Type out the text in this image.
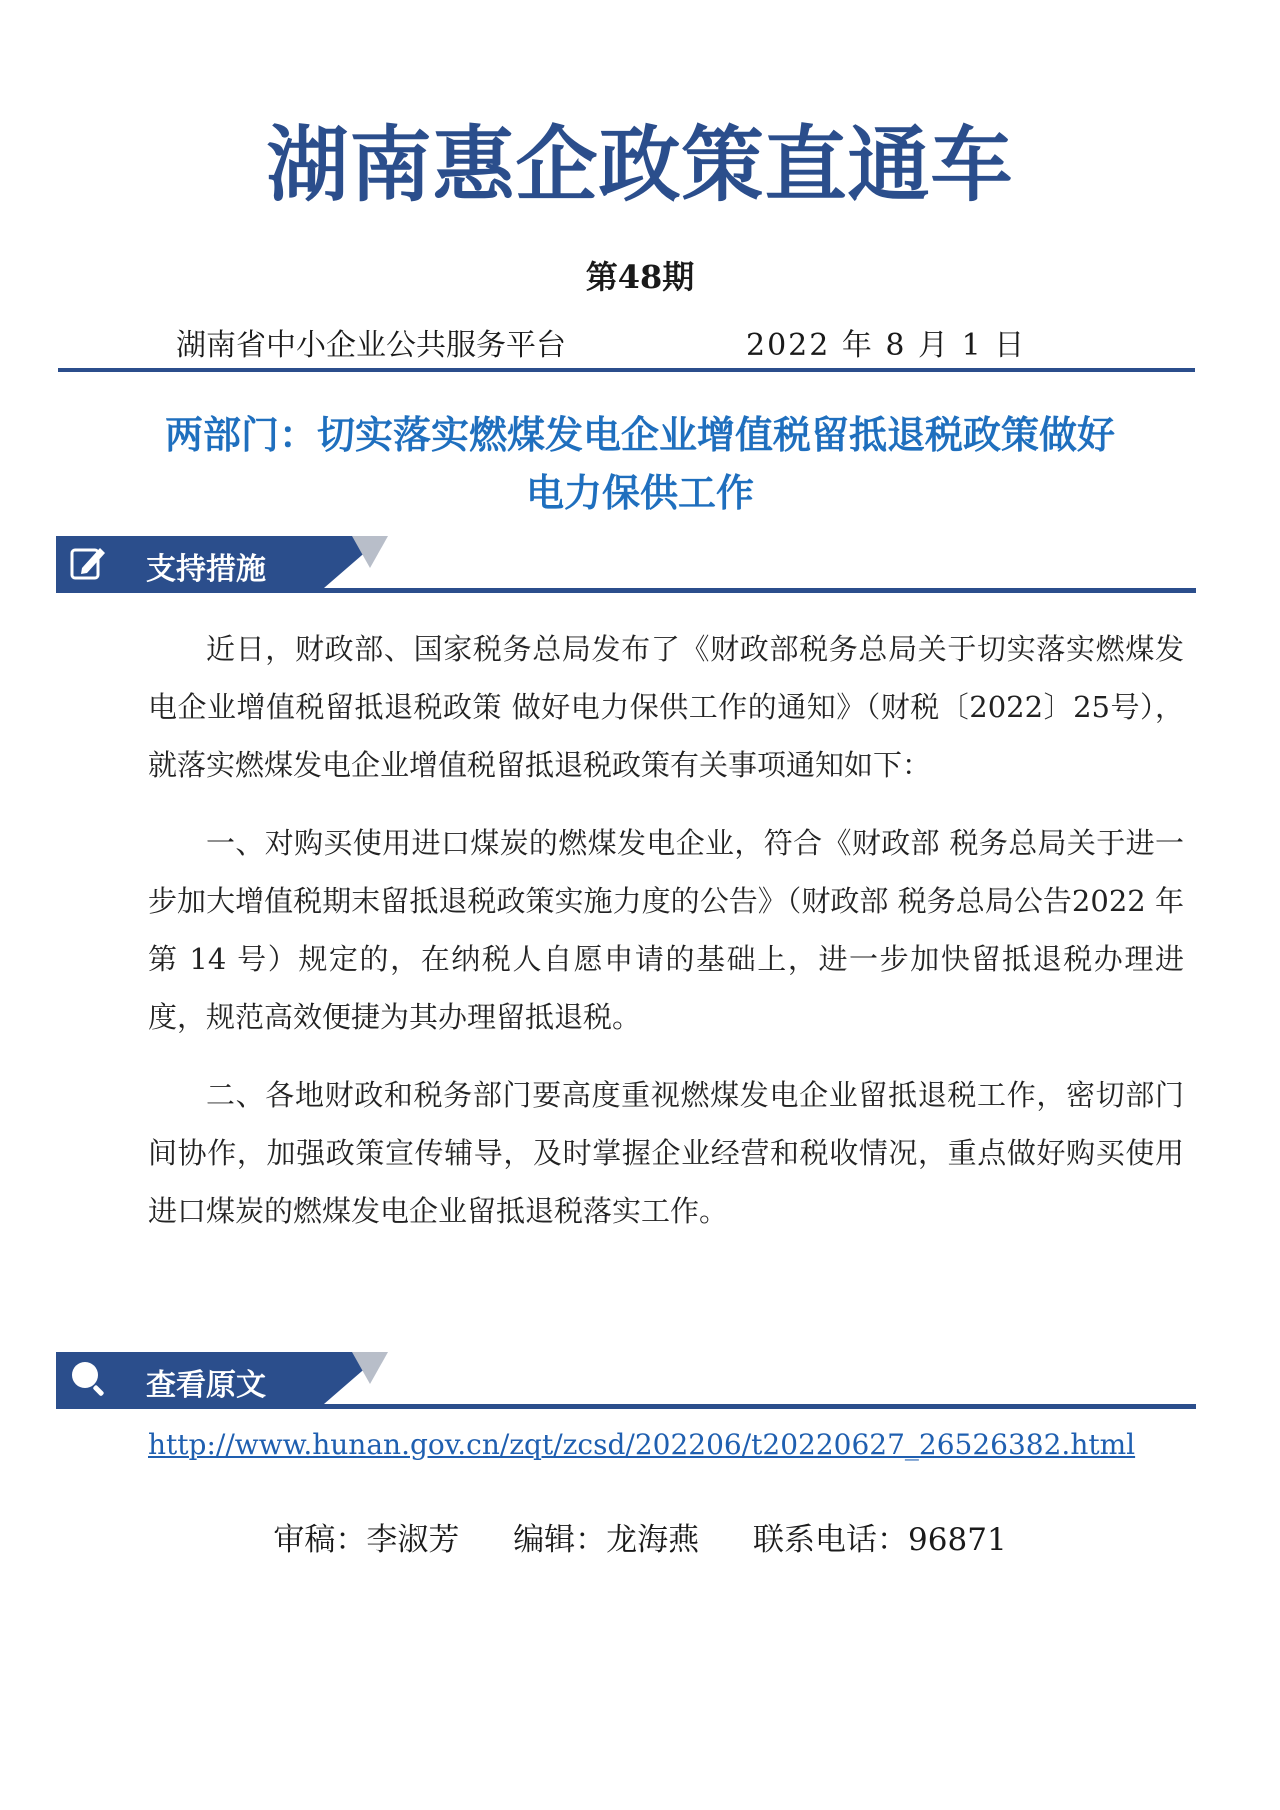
湖南惠企政策直通车
第48期
湖南省中小企业公共服务平台	2022 年 8 月 1 日
两部门：切实落实燃煤发电企业增值税留抵退税政策做好
电力保供工作
支持措施

近日，财政部、国家税务总局发布了《财政部税务总局关于切实落实燃煤发电企业增值税留抵退税政策 做好电力保供工作的通知》（财税〔2022〕25号），就落实燃煤发电企业增值税留抵退税政策有关事项通知如下：

一、对购买使用进口煤炭的燃煤发电企业，符合《财政部 税务总局关于进一步加大增值税期末留抵退税政策实施力度的公告》（财政部 税务总局公告2022 年第 14 号）规定的，在纳税人自愿申请的基础上，进一步加快留抵退税办理进度，规范高效便捷为其办理留抵退税。

二、各地财政和税务部门要高度重视燃煤发电企业留抵退税工作，密切部门间协作，加强政策宣传辅导，及时掌握企业经营和税收情况，重点做好购买使用进口煤炭的燃煤发电企业留抵退税落实工作。

查看原文
http://www.hunan.gov.cn/zqt/zcsd/202206/t20220627_26526382.html
审稿：李淑芳 编辑：龙海燕 联系电话：96871
